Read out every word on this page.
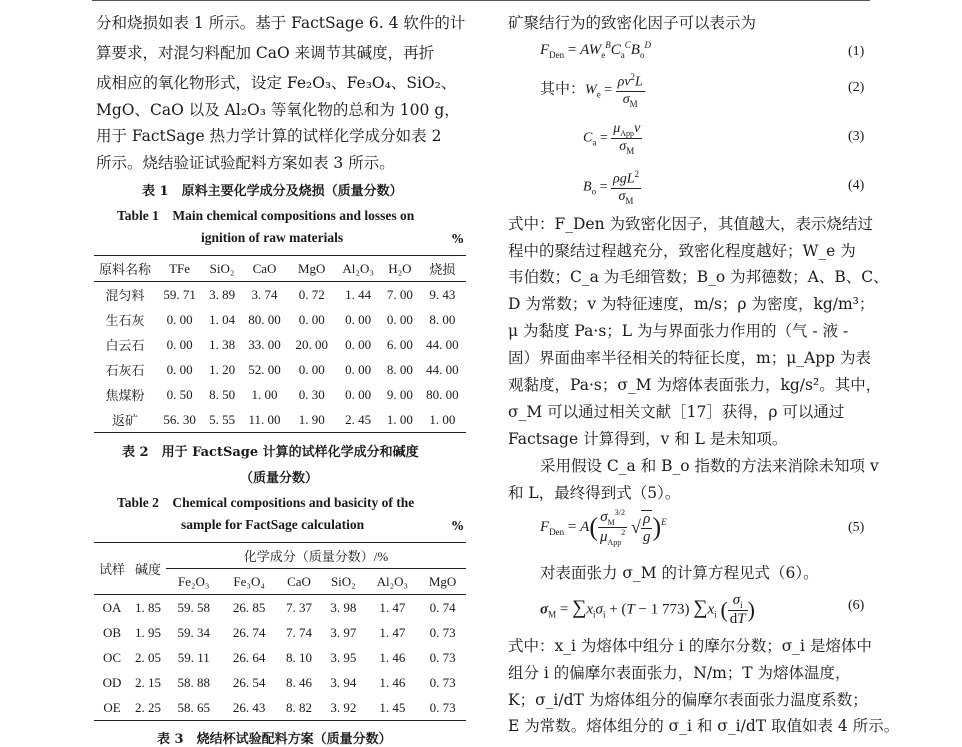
分和烧损如表 1 所示。基于 FactSage 6. 4 软件的计
算要求，对混匀料配加 CaO 来调节其碱度，再折
成相应的氧化物形式，设定 Fe₂O₃、Fe₃O₄、SiO₂、
MgO、CaO 以及 Al₂O₃ 等氧化物的总和为 100 g，
用于 FactSage 热力学计算的试样化学成分如表 2
所示。烧结验证试验配料方案如表 3 所示。
表 1　原料主要化学成分及烧损（质量分数）
Table 1　Main chemical compositions and losses on
ignition of raw materials	%
原料名称	TFe	SiO₂	CaO	MgO	Al₂O₃	H₂O	烧损
混匀料	59. 71	3. 89	3. 74	0. 72	1. 44	7. 00	9. 43
生石灰	0. 00	1. 04	80. 00	0. 00	0. 00	0. 00	8. 00
白云石	0. 00	1. 38	33. 00	20. 00	0. 00	6. 00	44. 00
石灰石	0. 00	1. 20	52. 00	0. 00	0. 00	8. 00	44. 00
焦煤粉	0. 50	8. 50	1. 00	0. 30	0. 00	9. 00	80. 00
返矿	56. 30	5. 55	11. 00	1. 90	2. 45	1. 00	1. 00
表 2　用于 FactSage 计算的试样化学成分和碱度
（质量分数）
Table 2　Chemical compositions and basicity of the
sample for FactSage calculation	%
试样	碱度	化学成分（质量分数）/%					
		Fe₂O₃	Fe₃O₄	CaO	SiO₂	Al₂O₃	MgO
OA	1. 85	59. 58	26. 85	7. 37	3. 98	1. 47	0. 74
OB	1. 95	59. 34	26. 74	7. 74	3. 97	1. 47	0. 73
OC	2. 05	59. 11	26. 64	8. 10	3. 95	1. 46	0. 73
OD	2. 15	58. 88	26. 54	8. 46	3. 94	1. 46	0. 73
OE	2. 25	58. 65	26. 43	8. 82	3. 92	1. 45	0. 73
表 3　烧结杯试验配料方案（质量分数）
矿聚结行为的致密化因子可以表示为
$F_{Den} = AW_e^BC_a^CB_o^D$	(1)
其中：$W_e = \frac{\rho v^2L}{\sigma_M}$	(2)
$C_a = \frac{\mu_{App}v}{\sigma_M}$	(3)
$B_o = \frac{\rho gL^2}{\sigma_M}$	(4)
式中：F_Den 为致密化因子，其值越大，表示烧结过
程中的聚结过程越充分，致密化程度越好；W_e 为
韦伯数；C_a 为毛细管数；B_o 为邦德数；A、B、C、
D 为常数；v 为特征速度，m/s；ρ 为密度，kg/m³；
μ 为黏度 Pa·s；L 为与界面张力作用的（气 - 液 -
固）界面曲率半径相关的特征长度，m；μ_App 为表
观黏度，Pa·s；σ_M 为熔体表面张力，kg/s²。其中，
σ_M 可以通过相关文献［17］获得，ρ 可以通过
Factsage 计算得到，v 和 L 是未知项。
采用假设 C_a 和 B_o 指数的方法来消除未知项 v
和 L，最终得到式（5）。
$F_{Den} = A( \frac{\sigma_M^{3/2}}{\mu_{App}^2}$ √ $\frac{\rho}{g} )^E$	(5)
对表面张力 σ_M 的计算方程见式（6）。
$\sigma_M = \sum x_i\sigma_i + (T - 1$ 773) $\sum x_i$ ( $\frac{\sigma_i}{dT}$ )	(6)
式中：x_i 为熔体中组分 i 的摩尔分数；σ_i 是熔体中
组分 i 的偏摩尔表面张力，N/m；T 为熔体温度，
K；σ_i/dT 为熔体组分的偏摩尔表面张力温度系数；
E 为常数。熔体组分的 σ_i 和 σ_i/dT 取值如表 4 所示。
